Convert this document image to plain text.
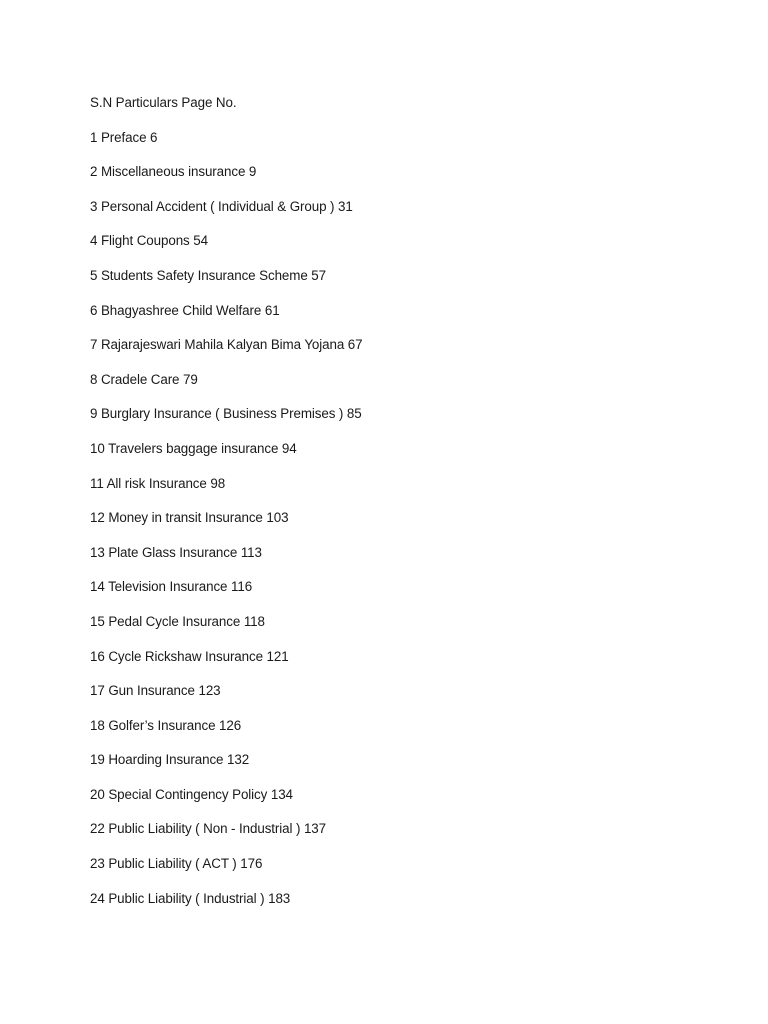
S.N Particulars Page No.
1 Preface 6
2 Miscellaneous insurance 9
3 Personal Accident ( Individual & Group ) 31
4 Flight Coupons 54
5 Students Safety Insurance Scheme 57
6 Bhagyashree Child Welfare 61
7 Rajarajeswari Mahila Kalyan Bima Yojana 67
8 Cradele Care 79
9 Burglary Insurance ( Business Premises ) 85
10 Travelers baggage insurance 94
11 All risk Insurance 98
12 Money in transit Insurance 103
13 Plate Glass Insurance 113
14 Television Insurance 116
15 Pedal Cycle Insurance 118
16 Cycle Rickshaw Insurance 121
17 Gun Insurance 123
18 Golfer’s Insurance 126
19 Hoarding Insurance 132
20 Special Contingency Policy 134
22 Public Liability ( Non - Industrial ) 137
23 Public Liability ( ACT ) 176
24 Public Liability ( Industrial ) 183
